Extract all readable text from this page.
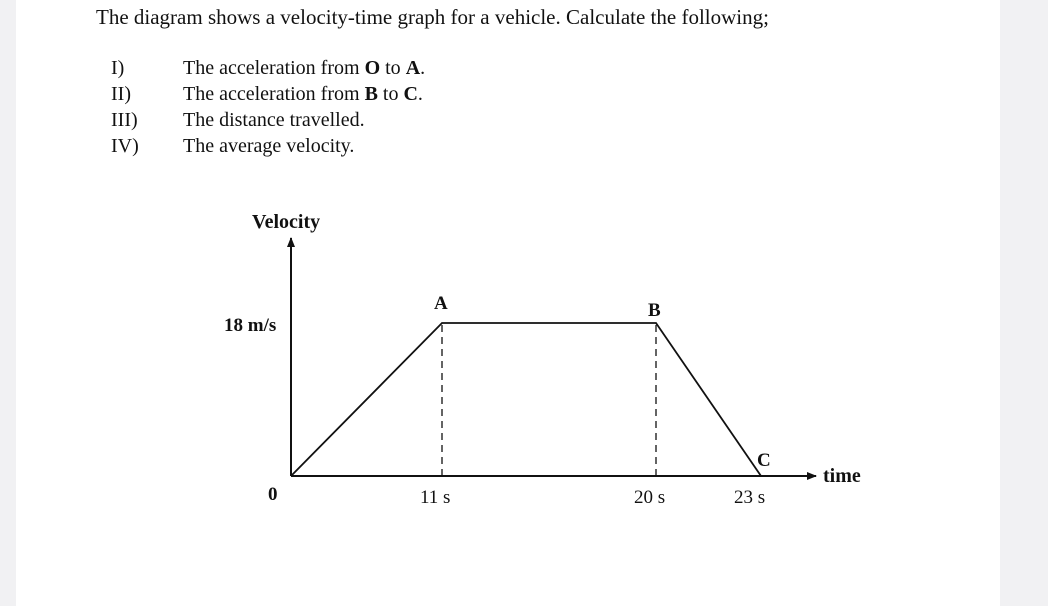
The diagram shows a velocity-time graph for a vehicle. Calculate the following;
I)	The acceleration from O to A.
II)	The acceleration from B to C.
III)	The distance travelled.
IV)	The average velocity.
Velocity
time
18 m/s
0
A	B
C
11 s	20 s	23 s
